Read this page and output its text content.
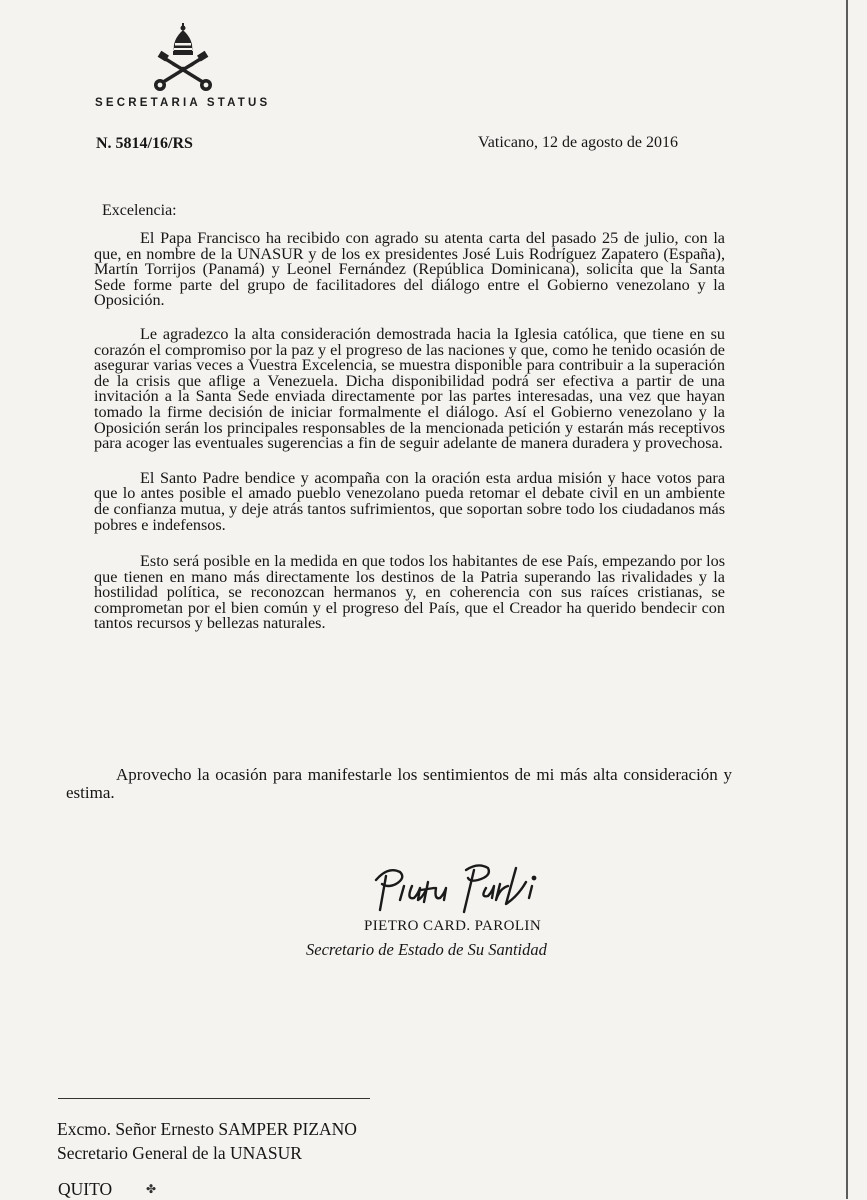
SECRETARIA STATUS
N. 5814/16/RS	Vaticano, 12 de agosto de 2016
Excelencia:

El Papa Francisco ha recibido con agrado su atenta carta del pasado 25 de julio, con la que, en nombre de la UNASUR y de los ex presidentes José Luis Rodríguez Zapatero (España), Martín Torrijos (Panamá) y Leonel Fernández (República Dominicana), solicita que la Santa Sede forme parte del grupo de facilitadores del diálogo entre el Gobierno venezolano y la Oposición.

Le agradezco la alta consideración demostrada hacia la Iglesia católica, que tiene en su corazón el compromiso por la paz y el progreso de las naciones y que, como he tenido ocasión de asegurar varias veces a Vuestra Excelencia, se muestra disponible para contribuir a la superación de la crisis que aflige a Venezuela. Dicha disponibilidad podrá ser efectiva a partir de una invitación a la Santa Sede enviada directamente por las partes interesadas, una vez que hayan tomado la firme decisión de iniciar formalmente el diálogo. Así el Gobierno venezolano y la Oposición serán los principales responsables de la mencionada petición y estarán más receptivos para acoger las eventuales sugerencias a fin de seguir adelante de manera duradera y provechosa.

El Santo Padre bendice y acompaña con la oración esta ardua misión y hace votos para que lo antes posible el amado pueblo venezolano pueda retomar el debate civil en un ambiente de confianza mutua, y deje atrás tantos sufrimientos, que soportan sobre todo los ciudadanos más pobres e indefensos.

Esto será posible en la medida en que todos los habitantes de ese País, empezando por los que tienen en mano más directamente los destinos de la Patria superando las rivalidades y la hostilidad política, se reconozcan hermanos y, en coherencia con sus raíces cristianas, se comprometan por el bien común y el progreso del País, que el Creador ha querido bendecir con tantos recursos y bellezas naturales.

Aprovecho la ocasión para manifestarle los sentimientos de mi más alta consideración y estima.
PIETRO CARD. PAROLIN
Secretario de Estado de Su Santidad
Excmo. Señor Ernesto SAMPER PIZANO
Secretario General de la UNASUR
QUITO	✤
